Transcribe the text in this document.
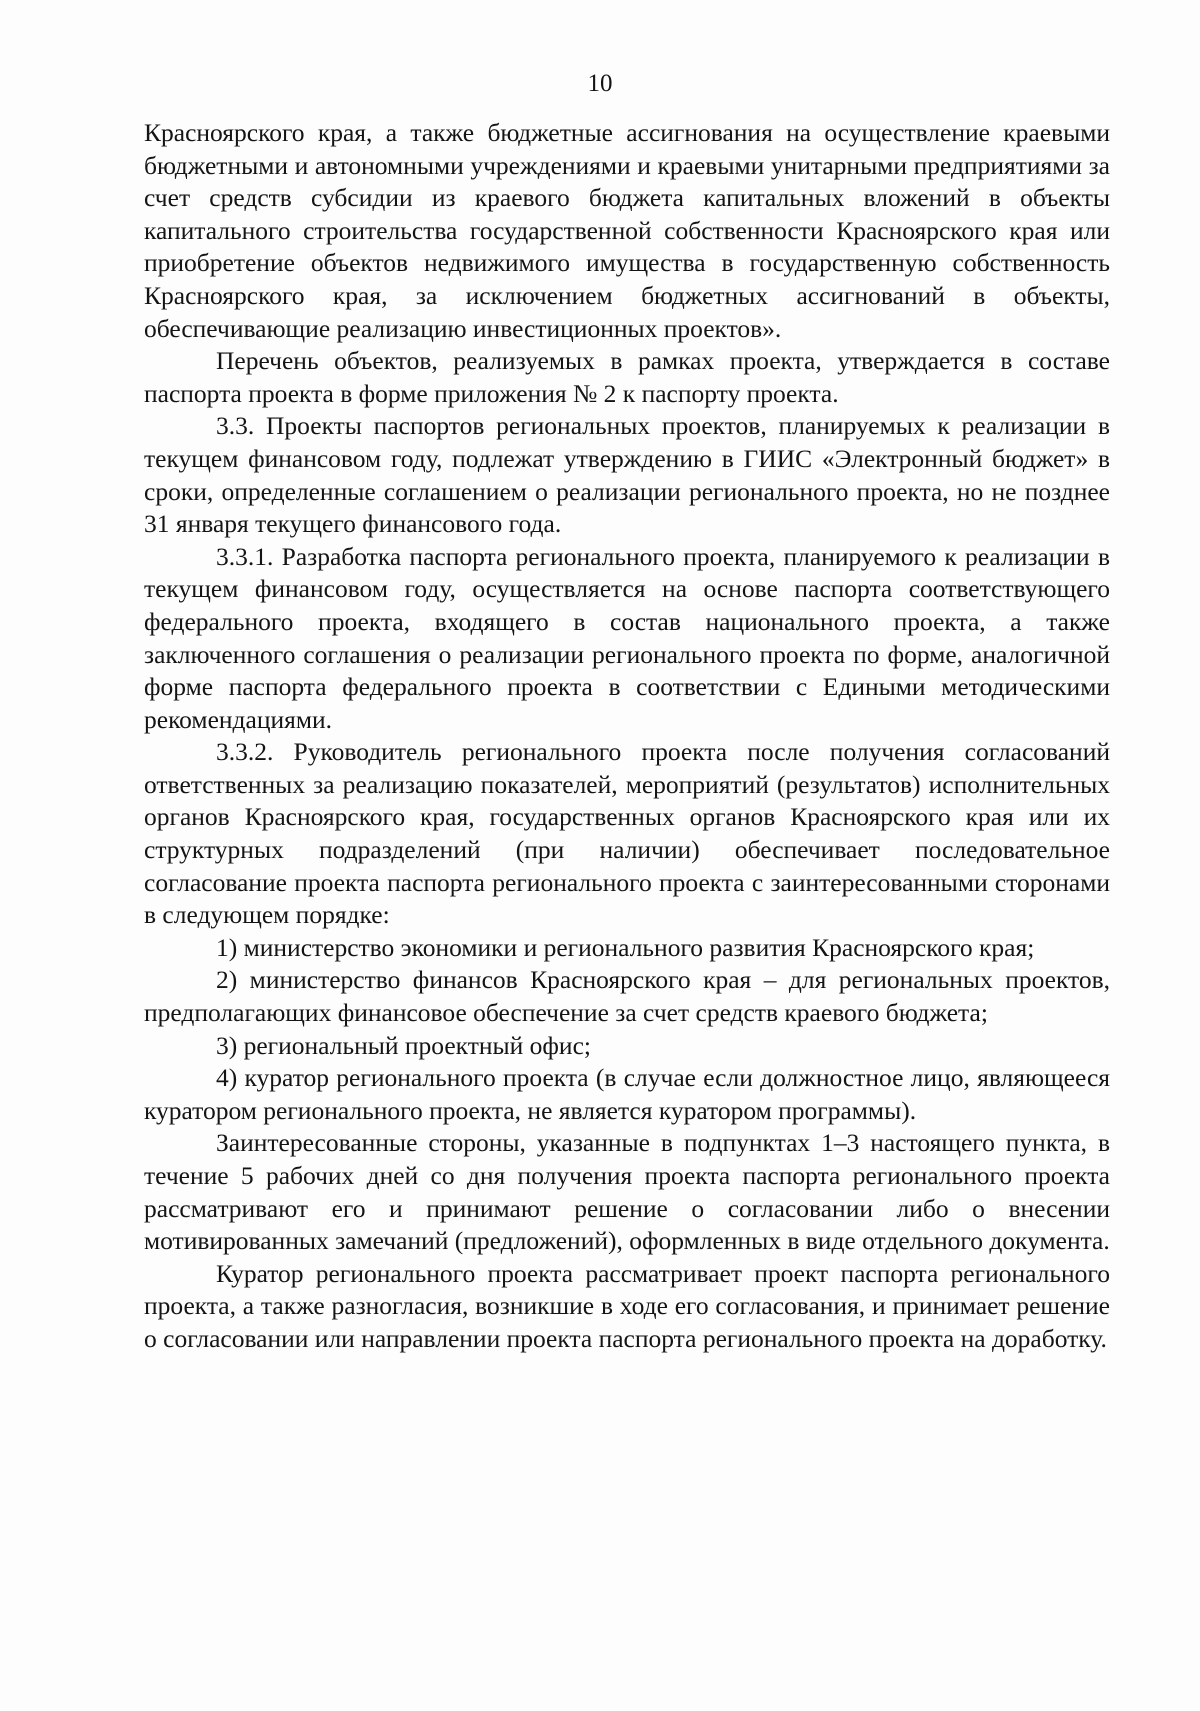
10

Красноярского края, а также бюджетные ассигнования на осуществление краевыми бюджетными и автономными учреждениями и краевыми унитарными предприятиями за счет средств субсидии из краевого бюджета капитальных вложений в объекты капитального строительства государственной собственности Красноярского края или приобретение объектов недвижимого имущества в государственную собственность Красноярского края, за исключением бюджетных ассигнований в объекты, обеспечивающие реализацию инвестиционных проектов».

Перечень объектов, реализуемых в рамках проекта, утверждается в составе паспорта проекта в форме приложения № 2 к паспорту проекта.

3.3. Проекты паспортов региональных проектов, планируемых к реализации в текущем финансовом году, подлежат утверждению в ГИИС «Электронный бюджет» в сроки, определенные соглашением о реализации регионального проекта, но не позднее 31 января текущего финансового года.

3.3.1. Разработка паспорта регионального проекта, планируемого к реализации в текущем финансовом году, осуществляется на основе паспорта соответствующего федерального проекта, входящего в состав национального проекта, а также заключенного соглашения о реализации регионального проекта по форме, аналогичной форме паспорта федерального проекта в соответствии с Едиными методическими рекомендациями.

3.3.2. Руководитель регионального проекта после получения согласований ответственных за реализацию показателей, мероприятий (результатов) исполнительных органов Красноярского края, государственных органов Красноярского края или их структурных подразделений (при наличии) обеспечивает последовательное согласование проекта паспорта регионального проекта с заинтересованными сторонами в следующем порядке:

1) министерство экономики и регионального развития Красноярского края;

2) министерство финансов Красноярского края – для региональных проектов, предполагающих финансовое обеспечение за счет средств краевого бюджета;

3) региональный проектный офис;

4) куратор регионального проекта (в случае если должностное лицо, являющееся куратором регионального проекта, не является куратором программы).

Заинтересованные стороны, указанные в подпунктах 1–3 настоящего пункта, в течение 5 рабочих дней со дня получения проекта паспорта регионального проекта рассматривают его и принимают решение о согласовании либо о внесении мотивированных замечаний (предложений), оформленных в виде отдельного документа.

Куратор регионального проекта рассматривает проект паспорта регионального проекта, а также разногласия, возникшие в ходе его согласования, и принимает решение о согласовании или направлении проекта паспорта регионального проекта на доработку.
